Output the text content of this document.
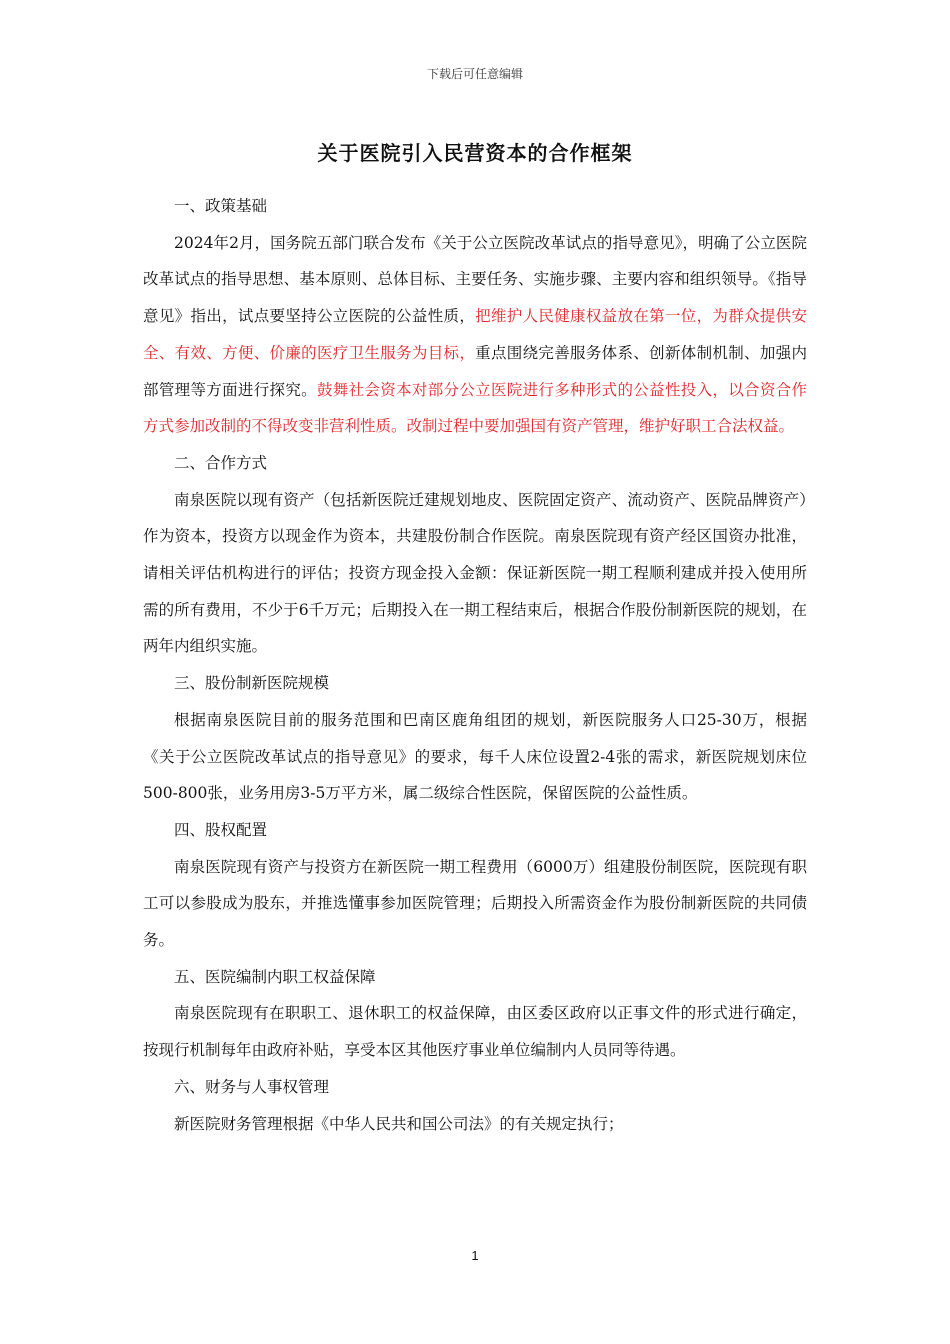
下载后可任意编辑
关于医院引入民营资本的合作框架

一、政策基础

2024年2月，国务院五部门联合发布《关于公立医院改革试点的指导意见》，明确了公立医院改革试点的指导思想、基本原则、总体目标、主要任务、实施步骤、主要内容和组织领导。《指导意见》指出，试点要坚持公立医院的公益性质，把维护人民健康权益放在第一位，为群众提供安全、有效、方便、价廉的医疗卫生服务为目标，重点围绕完善服务体系、创新体制机制、加强内部管理等方面进行探究。鼓舞社会资本对部分公立医院进行多种形式的公益性投入，以合资合作方式参加改制的不得改变非营利性质。改制过程中要加强国有资产管理，维护好职工合法权益。

二、合作方式

南泉医院以现有资产（包括新医院迁建规划地皮、医院固定资产、流动资产、医院品牌资产）作为资本，投资方以现金作为资本，共建股份制合作医院。南泉医院现有资产经区国资办批准，请相关评估机构进行的评估；投资方现金投入金额：保证新医院一期工程顺利建成并投入使用所需的所有费用，不少于6千万元；后期投入在一期工程结束后，根据合作股份制新医院的规划，在两年内组织实施。

三、股份制新医院规模

根据南泉医院目前的服务范围和巴南区鹿角组团的规划，新医院服务人口25-30万，根据《关于公立医院改革试点的指导意见》的要求，每千人床位设置2-4张的需求，新医院规划床位500-800张，业务用房3-5万平方米，属二级综合性医院，保留医院的公益性质。

四、股权配置

南泉医院现有资产与投资方在新医院一期工程费用（6000万）组建股份制医院，医院现有职工可以参股成为股东，并推选懂事参加医院管理；后期投入所需资金作为股份制新医院的共同债务。

五、医院编制内职工权益保障

南泉医院现有在职职工、退休职工的权益保障，由区委区政府以正事文件的形式进行确定，按现行机制每年由政府补贴，享受本区其他医疗事业单位编制内人员同等待遇。

六、财务与人事权管理

新医院财务管理根据《中华人民共和国公司法》的有关规定执行；

1
